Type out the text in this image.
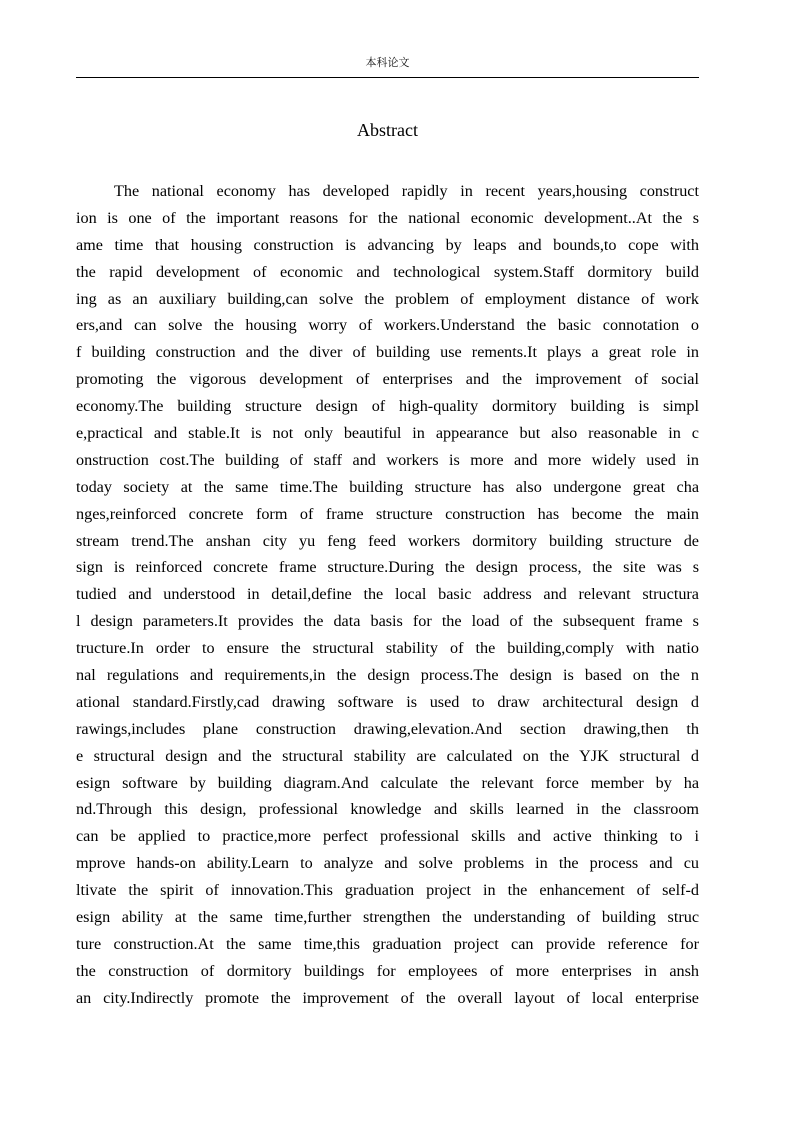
本科论文
Abstract
The national economy has developed rapidly in recent years,housing construct
ion is one of the important reasons for the national economic development..At the s
ame time that housing construction is advancing by leaps and bounds,to cope with
the rapid development of economic and technological system.Staff dormitory build
ing as an auxiliary building,can solve the problem of employment distance of work
ers,and can solve the housing worry of workers.Understand the basic connotation o
f building construction and the diver of building use rements.It plays a great role in
promoting the vigorous development of enterprises and the improvement of social
economy.The building structure design of high-quality dormitory building is simpl
e,practical and stable.It is not only beautiful in appearance but also reasonable in c
onstruction cost.The building of staff and workers is more and more widely used in
today society at the same time.The building structure has also undergone great cha
nges,reinforced concrete form of frame structure construction has become the main
stream trend.The anshan city yu feng feed workers dormitory building structure de
sign is reinforced concrete frame structure.During the design process, the site was s
tudied and understood in detail,define the local basic address and relevant structura
l design parameters.It provides the data basis for the load of the subsequent frame s
tructure.In order to ensure the structural stability of the building,comply with natio
nal regulations and requirements,in the design process.The design is based on the n
ational standard.Firstly,cad drawing software is used to draw architectural design d
rawings,includes plane construction drawing,elevation.And section drawing,then th
e structural design and the structural stability are calculated on the YJK structural d
esign software by building diagram.And calculate the relevant force member by ha
nd.Through this design, professional knowledge and skills learned in the classroom
can be applied to practice,more perfect professional skills and active thinking to i
mprove hands-on ability.Learn to analyze and solve problems in the process and cu
ltivate the spirit of innovation.This graduation project in the enhancement of self-d
esign ability at the same time,further strengthen the understanding of building struc
ture construction.At the same time,this graduation project can provide reference for
the construction of dormitory buildings for employees of more enterprises in ansh
an city.Indirectly promote the improvement of the overall layout of local enterprise
